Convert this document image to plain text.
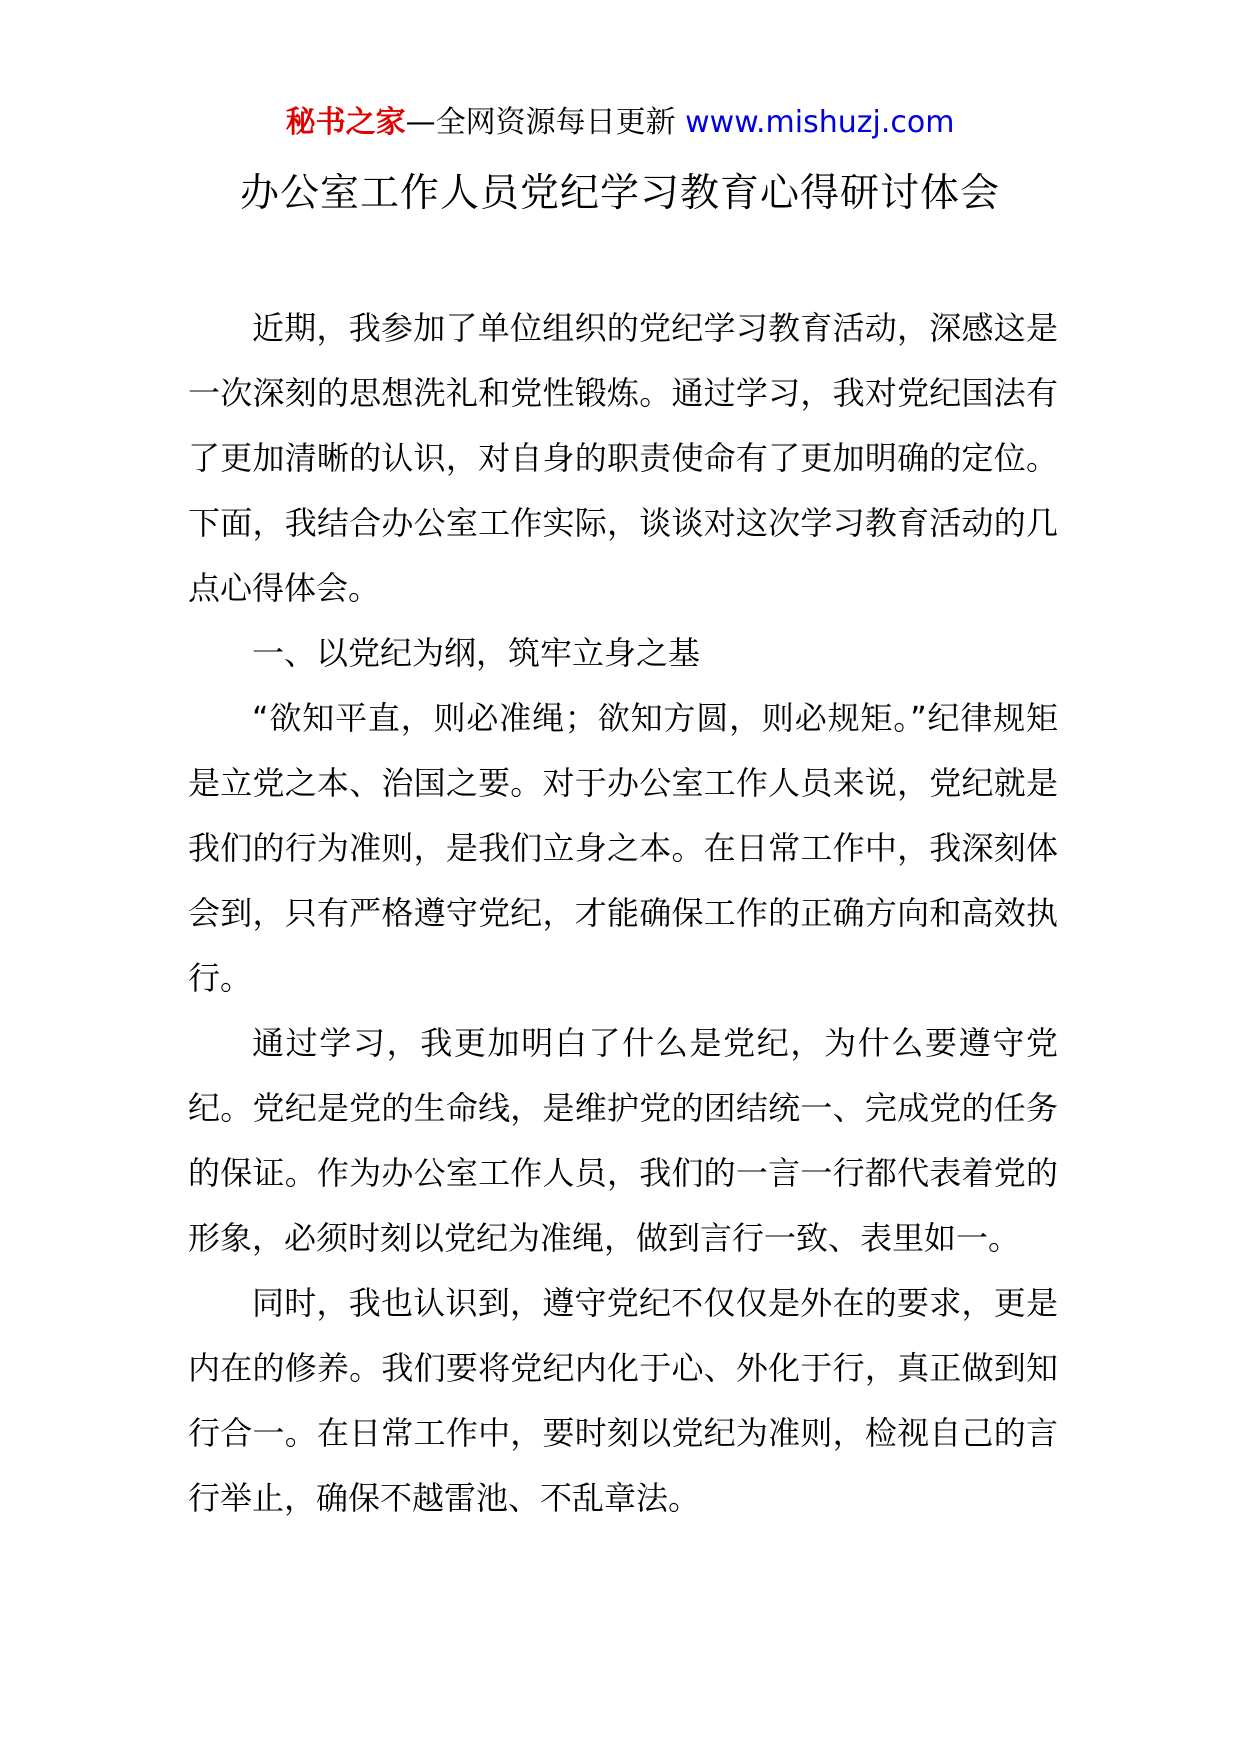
秘书之家—全网资源每日更新 www.mishuzj.com
办公室工作人员党纪学习教育心得研讨体会

近期，我参加了单位组织的党纪学习教育活动，深感这是一次深刻的思想洗礼和党性锻炼。通过学习，我对党纪国法有了更加清晰的认识，对自身的职责使命有了更加明确的定位。下面，我结合办公室工作实际，谈谈对这次学习教育活动的几点心得体会。

一、以党纪为纲，筑牢立身之基

“欲知平直，则必准绳；欲知方圆，则必规矩。”纪律规矩是立党之本、治国之要。对于办公室工作人员来说，党纪就是我们的行为准则，是我们立身之本。在日常工作中，我深刻体会到，只有严格遵守党纪，才能确保工作的正确方向和高效执行。

通过学习，我更加明白了什么是党纪，为什么要遵守党纪。党纪是党的生命线，是维护党的团结统一、完成党的任务的保证。作为办公室工作人员，我们的一言一行都代表着党的形象，必须时刻以党纪为准绳，做到言行一致、表里如一。

同时，我也认识到，遵守党纪不仅仅是外在的要求，更是内在的修养。我们要将党纪内化于心、外化于行，真正做到知行合一。在日常工作中，要时刻以党纪为准则，检视自己的言行举止，确保不越雷池、不乱章法。
